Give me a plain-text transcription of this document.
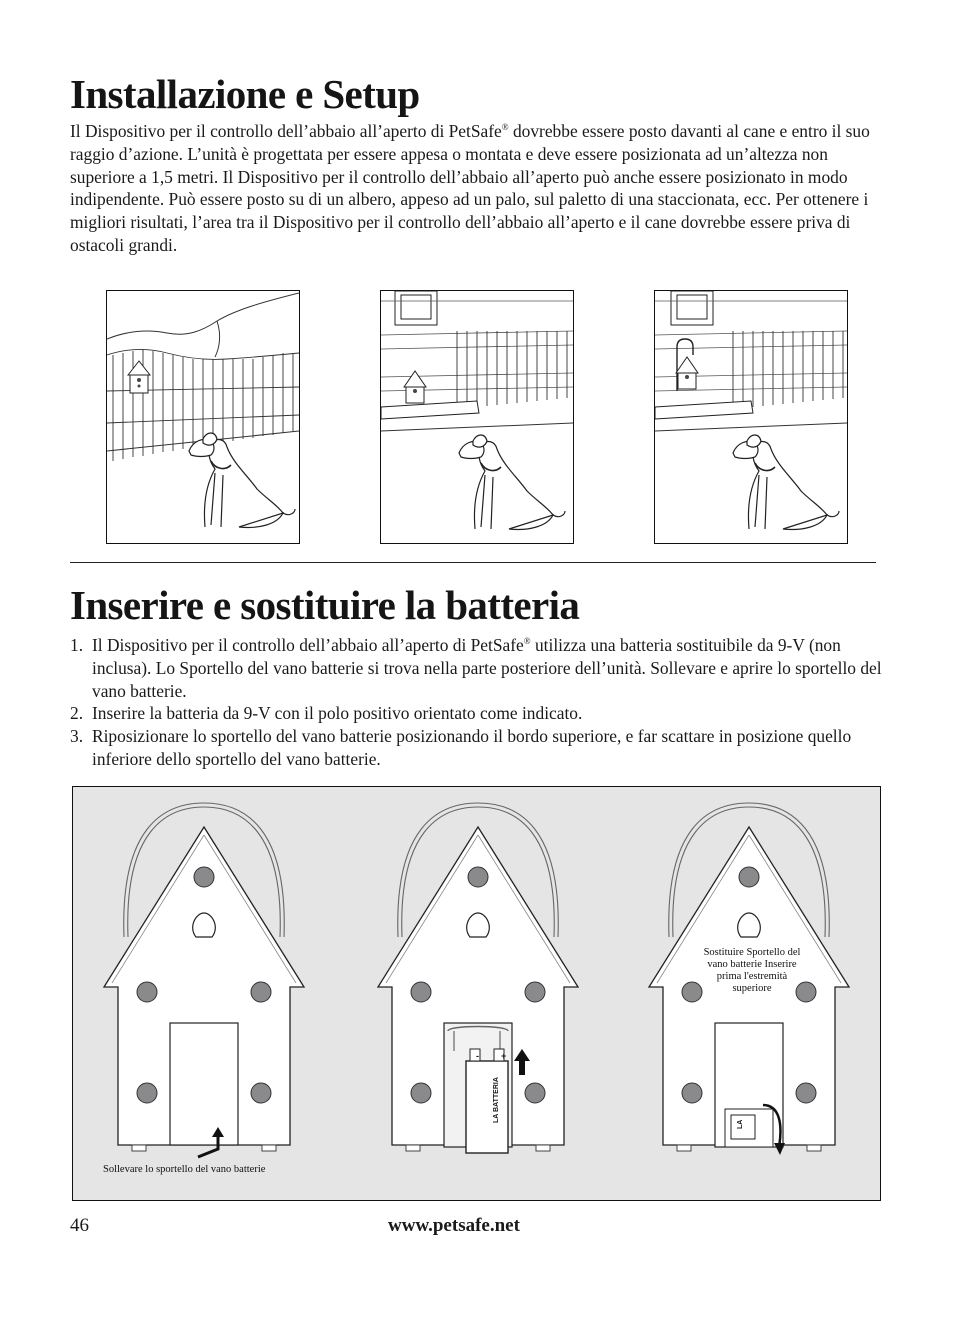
Installazione e Setup

Il Dispositivo per il controllo dell’abbaio all’aperto di PetSafe® dovrebbe essere posto davanti al cane e entro il suo raggio d’azione. L’unità è progettata per essere appesa o montata e deve essere posizionata ad un’altezza non superiore a 1,5 metri. Il Dispositivo per il controllo dell’abbaio all’aperto può anche essere posizionato in modo indipendente. Può essere posto su di un albero, appeso ad un palo, sul paletto di una staccionata, ecc. Per ottenere i migliori risultati, l’area tra il Dispositivo per il controllo dell’abbaio all’aperto e il cane dovrebbe essere priva di ostacoli grandi.

Inserire e sostituire la batteria
1. Il Dispositivo per il controllo dell’abbaio all’aperto di PetSafe® utilizza una batteria sostituibile da 9-V (non inclusa). Lo Sportello del vano batterie si trova nella parte posteriore dell’unità. Sollevare e aprire lo sportello del vano batterie.
2. Inserire la batteria da 9-V con il polo positivo orientato come indicato.
3. Riposizionare lo sportello del vano batterie posizionando il bordo superiore, e far scattare in posizione quello inferiore dello sportello del vano batterie.
LA BATTERIA
- +
LA
Sollevare lo sportello del vano batterie
Sostituire Sportello del vano batterie Inserire prima l'estremità superiore
46	www.petsafe.net
